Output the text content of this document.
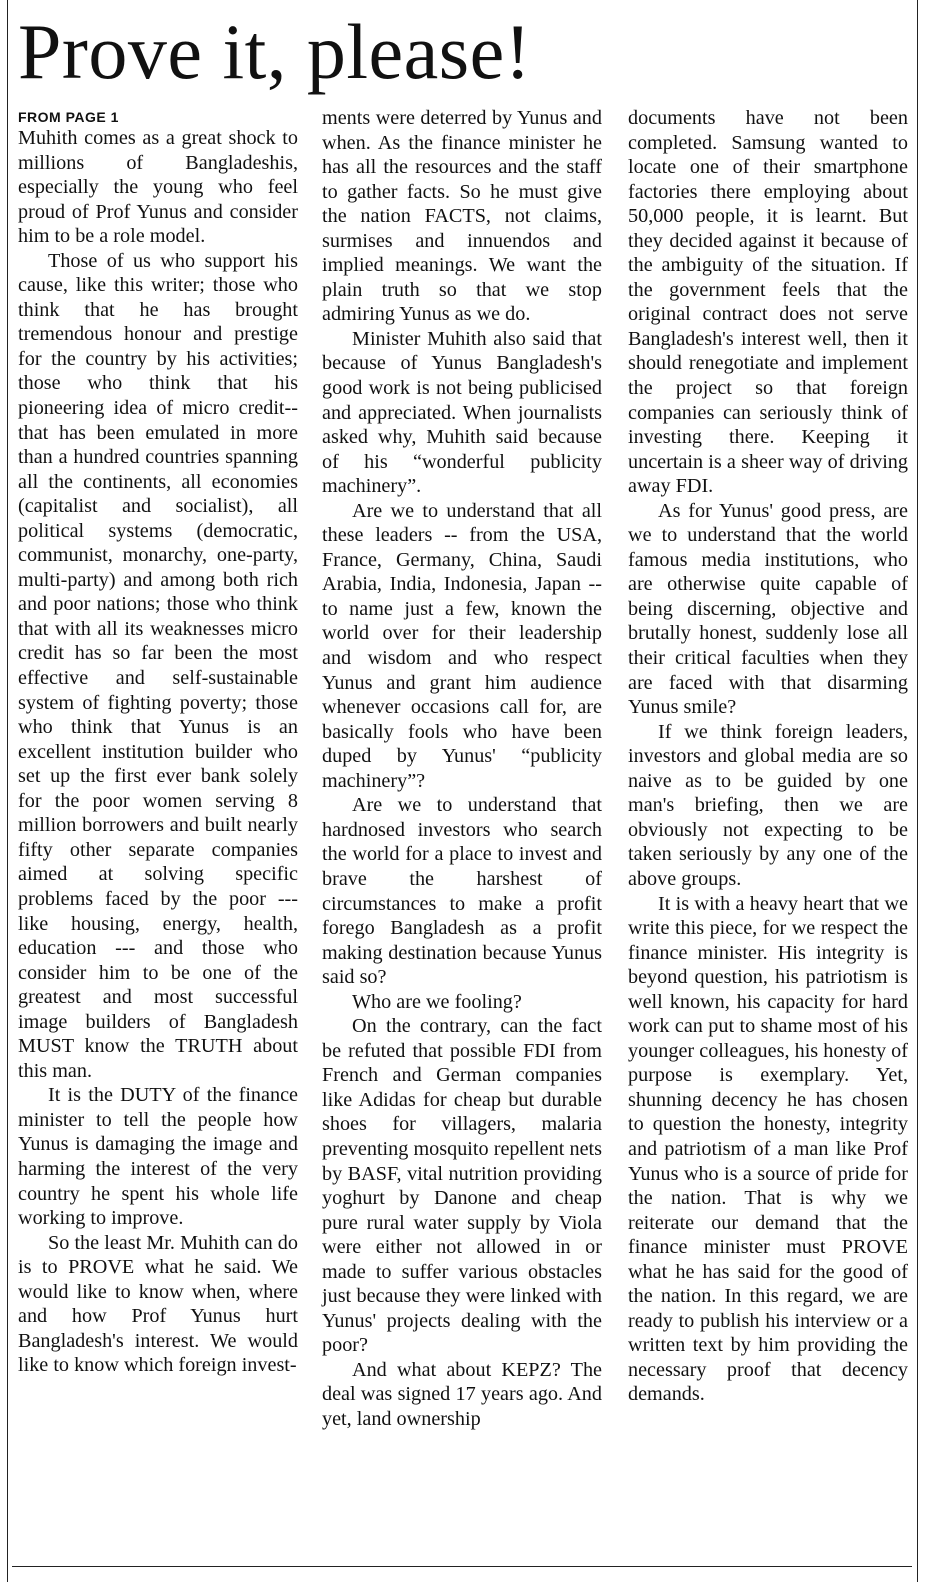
Prove it, please!
FROM PAGE 1

Muhith comes as a great shock to millions of Bangladeshis, especially the young who feel proud of Prof Yunus and consider him to be a role model.

Those of us who support his cause, like this writer; those who think that he has brought tremendous honour and prestige for the country by his activities; those who think that his pioneering idea of micro credit-- that has been emulated in more than a hundred countries spanning all the continents, all economies (capitalist and socialist), all political systems (democratic, communist, monarchy, one-party, multi-party) and among both rich and poor nations; those who think that with all its weaknesses micro credit has so far been the most effective and self-sustainable system of fighting poverty; those who think that Yunus is an excellent institution builder who set up the first ever bank solely for the poor women serving 8 million borrowers and built nearly fifty other separate companies aimed at solving specific problems faced by the poor --- like housing, energy, health, education --- and those who consider him to be one of the greatest and most successful image builders of Bangladesh MUST know the TRUTH about this man.

It is the DUTY of the finance minister to tell the people how Yunus is damaging the image and harming the interest of the very country he spent his whole life working to improve.

So the least Mr. Muhith can do is to PROVE what he said. We would like to know when, where and how Prof Yunus hurt Bangladesh's interest. We would like to know which foreign invest-

ments were deterred by Yunus and when. As the finance minister he has all the resources and the staff to gather facts. So he must give the nation FACTS, not claims, surmises and innuendos and implied meanings. We want the plain truth so that we stop admiring Yunus as we do.

Minister Muhith also said that because of Yunus Bangladesh's good work is not being publicised and appreciated. When journalists asked why, Muhith said because of his “wonderful publicity machinery”.

Are we to understand that all these leaders -- from the USA, France, Germany, China, Saudi Arabia, India, Indonesia, Japan -- to name just a few, known the world over for their leadership and wisdom and who respect Yunus and grant him audience whenever occasions call for, are basically fools who have been duped by Yunus' “publicity machinery”?

Are we to understand that hardnosed investors who search the world for a place to invest and brave the harshest of circumstances to make a profit forego Bangladesh as a profit making destination because Yunus said so?

Who are we fooling?

On the contrary, can the fact be refuted that possible FDI from French and German companies like Adidas for cheap but durable shoes for villagers, malaria preventing mosquito repellent nets by BASF, vital nutrition providing yoghurt by Danone and cheap pure rural water supply by Viola were either not allowed in or made to suffer various obstacles just because they were linked with Yunus' projects dealing with the poor?

And what about KEPZ? The deal was signed 17 years ago. And yet, land ownership

documents have not been completed. Samsung wanted to locate one of their smartphone factories there employing about 50,000 people, it is learnt. But they decided against it because of the ambiguity of the situation. If the government feels that the original contract does not serve Bangladesh's interest well, then it should renegotiate and implement the project so that foreign companies can seriously think of investing there. Keeping it uncertain is a sheer way of driving away FDI.

As for Yunus' good press, are we to understand that the world famous media institutions, who are otherwise quite capable of being discerning, objective and brutally honest, suddenly lose all their critical faculties when they are faced with that disarming Yunus smile?

If we think foreign leaders, investors and global media are so naive as to be guided by one man's briefing, then we are obviously not expecting to be taken seriously by any one of the above groups.

It is with a heavy heart that we write this piece, for we respect the finance minister. His integrity is beyond question, his patriotism is well known, his capacity for hard work can put to shame most of his younger colleagues, his honesty of purpose is exemplary. Yet, shunning decency he has chosen to question the honesty, integrity and patriotism of a man like Prof Yunus who is a source of pride for the nation. That is why we reiterate our demand that the finance minister must PROVE what he has said for the good of the nation. In this regard, we are ready to publish his interview or a written text by him providing the necessary proof that decency demands.
